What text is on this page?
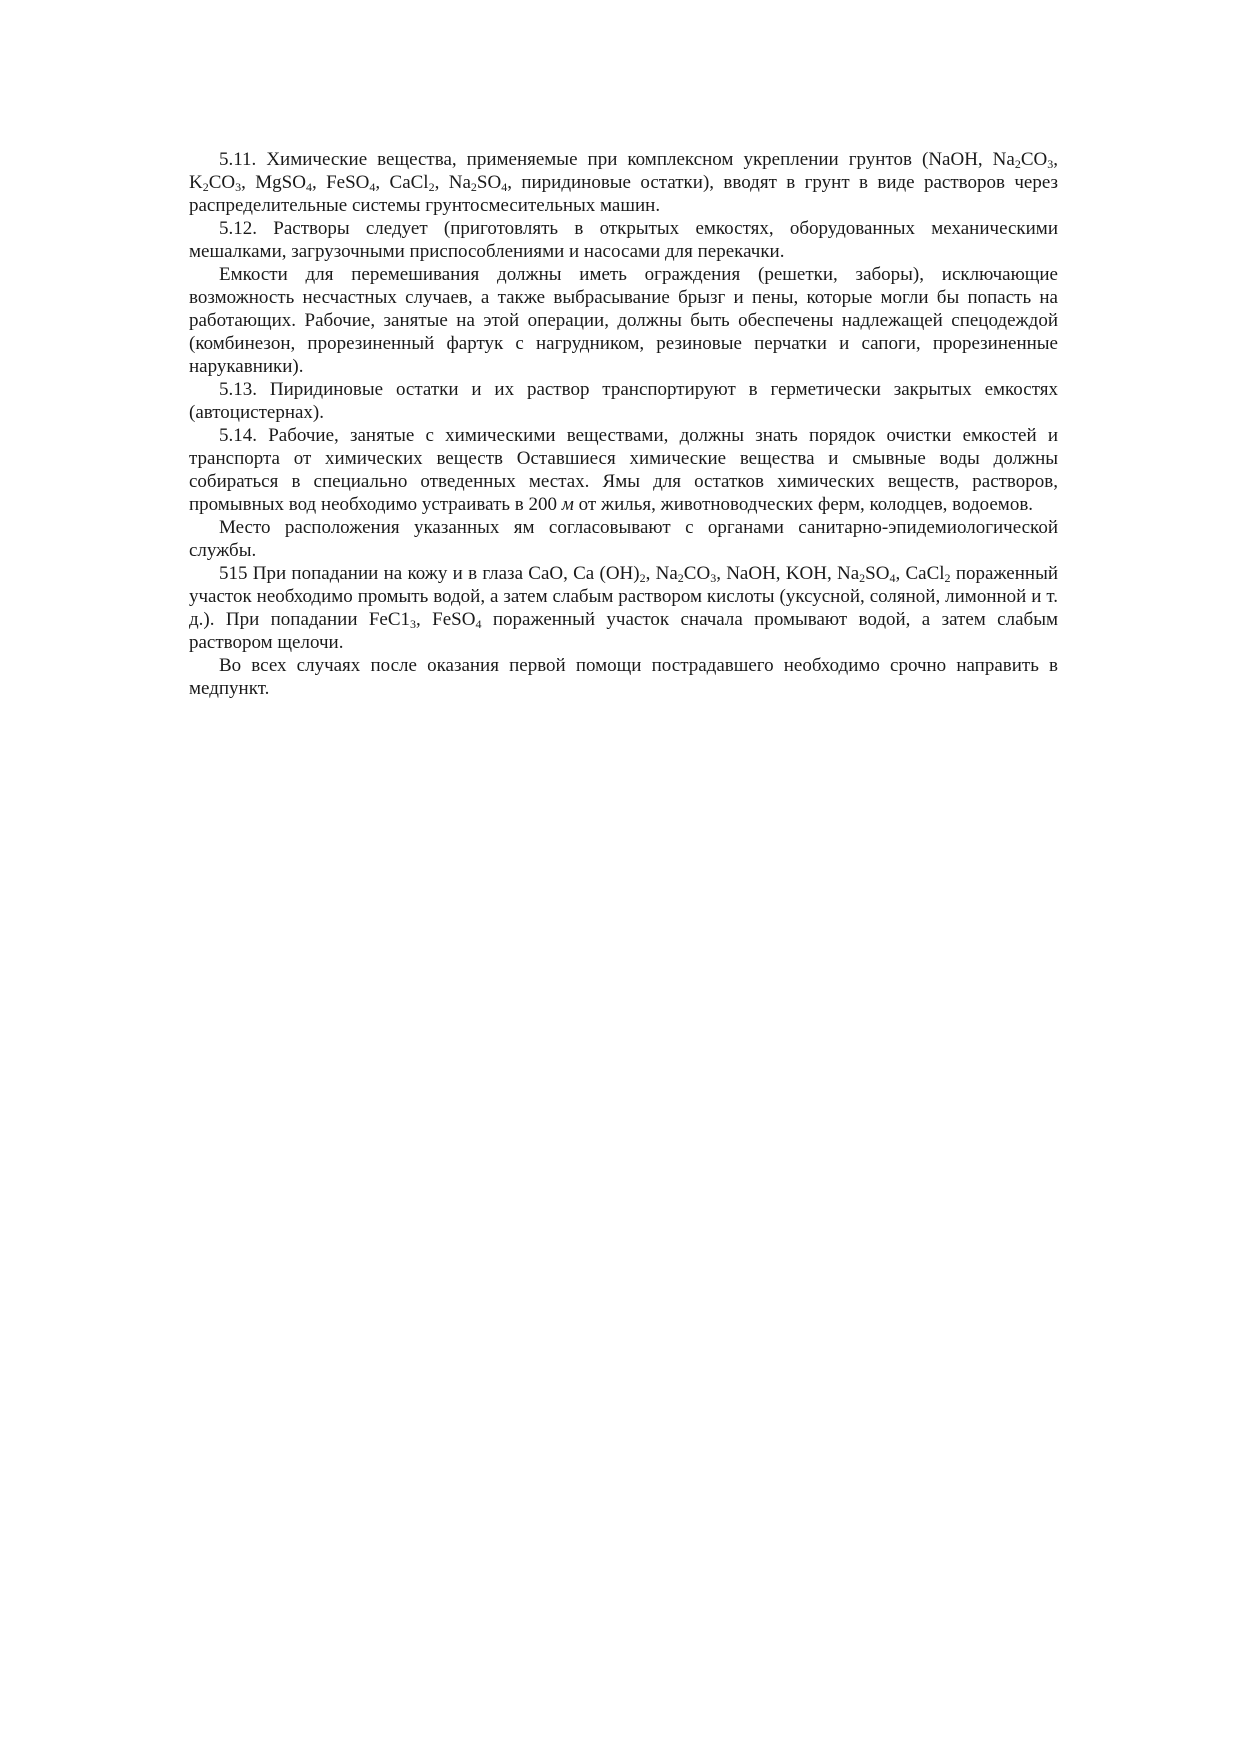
5.11. Химические вещества, применяемые при комплексном укреплении грунтов (NaOH, $Na_2CO_3$, $K_2CO_3$, MgSO$_4$, FeSO$_4$, CaCl$_2$, $Na_2SO_4$, пиридиновые остатки), вводят в грунт в виде растворов через распределительные системы грунтосмесительных машин.

5.12. Растворы следует (приготовлять в открытых емкостях, оборудованных механическими мешалками, загрузочными приспособлениями и насосами для перекачки.

Емкости для перемешивания должны иметь ограждения (решетки, заборы), исключающие возможность несчастных случаев, а также выбрасывание брызг и пены, которые могли бы попасть на работающих. Рабочие, занятые на этой операции, должны быть обеспечены надлежащей спецодеждой (комбинезон, прорезиненный фартук с нагрудником, резиновые перчатки и сапоги, прорезиненные нарукавники).

5.13. Пиридиновые остатки и их раствор транспортируют в герметически закрытых емкостях (автоцистернах).

5.14. Рабочие, занятые с химическими веществами, должны знать порядок очистки емкостей и транспорта от химических веществ Оставшиеся химические вещества и смывные воды должны собираться в специально отведенных местах. Ямы для остатков химических веществ, растворов, промывных вод необходимо устраивать в 200 м от жилья, животноводческих ферм, колодцев, водоемов.

Место расположения указанных ям согласовывают с органами санитарно-эпидемиологической службы.

515 При попадании на кожу и в глаза CaO, Ca $(OH)_2$, $Na_2CO_3$, NaOH, KOH, $Na_2SO_4$, CaCl$_2$ пораженный участок необходимо промыть водой, а затем слабым раствором кислоты (уксусной, соляной, лимонной и т. д.). При попадании $FeC1_3$, FeSO$_4$ пораженный участок сначала промывают водой, а затем слабым раствором щелочи.

Во всех случаях после оказания первой помощи пострадавшего необходимо срочно направить в медпункт.
